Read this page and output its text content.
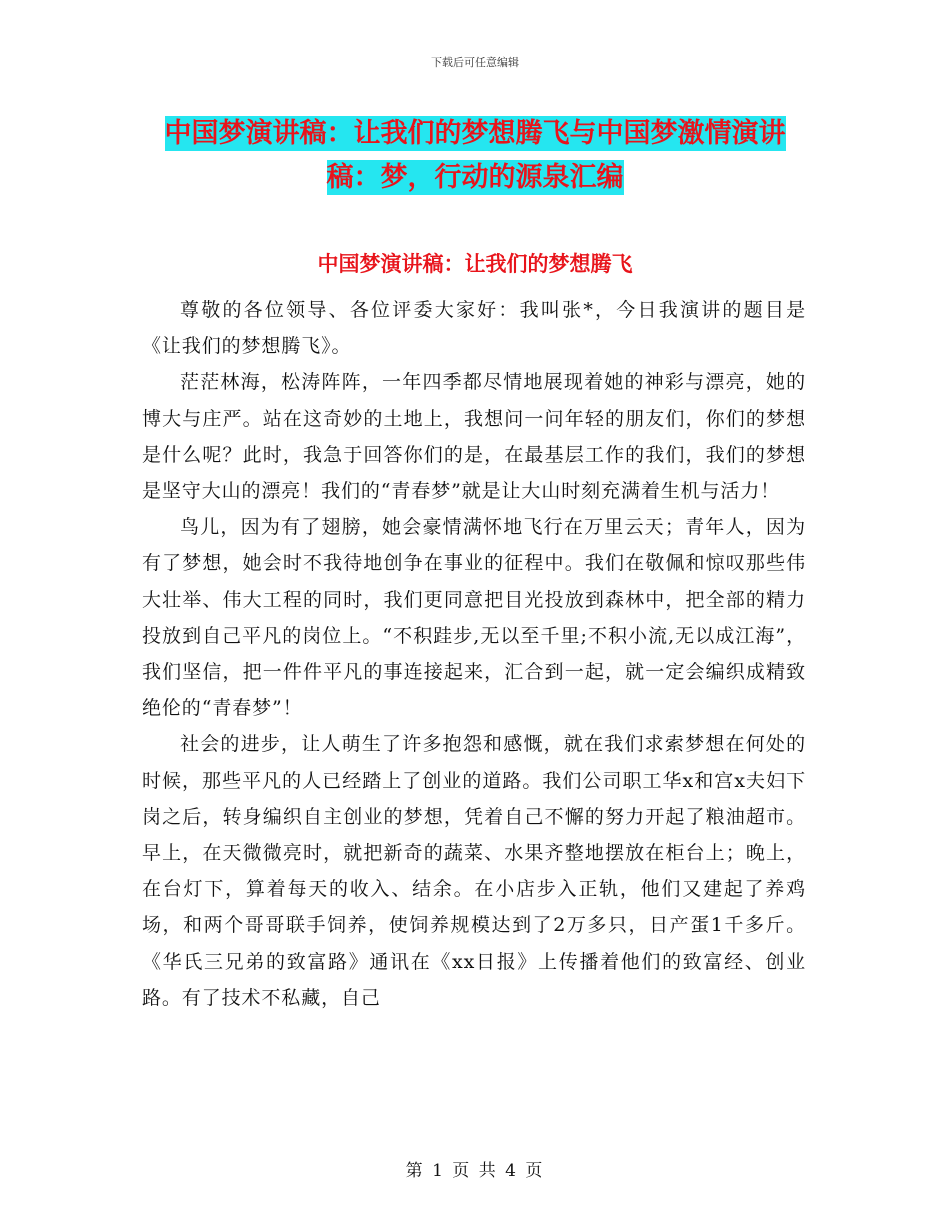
下载后可任意编辑
中国梦演讲稿：让我们的梦想腾飞与中国梦激情演讲
稿：梦，行动的源泉汇编
中国梦演讲稿：让我们的梦想腾飞

尊敬的各位领导、各位评委大家好：我叫张*，今日我演讲的题目是《让我们的梦想腾飞》。

茫茫林海，松涛阵阵，一年四季都尽情地展现着她的神彩与漂亮，她的博大与庄严。站在这奇妙的土地上，我想问一问年轻的朋友们，你们的梦想是什么呢？此时，我急于回答你们的是，在最基层工作的我们，我们的梦想是坚守大山的漂亮！我们的“青春梦”就是让大山时刻充满着生机与活力！

鸟儿，因为有了翅膀，她会豪情满怀地飞行在万里云天；青年人，因为有了梦想，她会时不我待地创争在事业的征程中。我们在敬佩和惊叹那些伟大壮举、伟大工程的同时，我们更同意把目光投放到森林中，把全部的精力投放到自己平凡的岗位上。“不积跬步,无以至千里;不积小流,无以成江海”，我们坚信，把一件件平凡的事连接起来，汇合到一起，就一定会编织成精致绝伦的“青春梦”！

社会的进步，让人萌生了许多抱怨和感慨，就在我们求索梦想在何处的时候，那些平凡的人已经踏上了创业的道路。我们公司职工华x和宫x夫妇下岗之后，转身编织自主创业的梦想，凭着自己不懈的努力开起了粮油超市。早上，在天微微亮时，就把新奇的蔬菜、水果齐整地摆放在柜台上；晚上，在台灯下，算着每天的收入、结余。在小店步入正轨，他们又建起了养鸡场，和两个哥哥联手饲养，使饲养规模达到了2万多只，日产蛋1千多斤。《华氏三兄弟的致富路》通讯在《xx日报》上传播着他们的致富经、创业路。有了技术不私藏，自己

第 1 页 共 4 页
